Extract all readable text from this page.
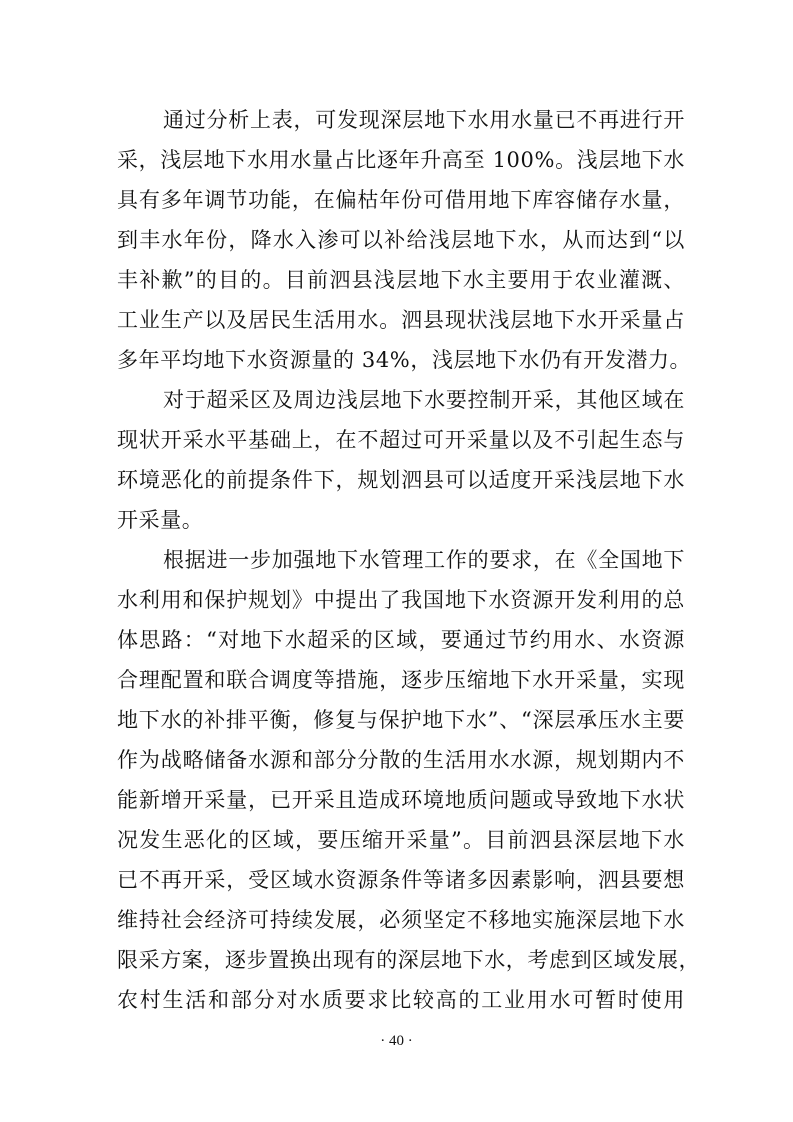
通过分析上表，可发现深层地下水用水量已不再进行开
采，浅层地下水用水量占比逐年升高至 100%。浅层地下水
具有多年调节功能，在偏枯年份可借用地下库容储存水量，
到丰水年份，降水入渗可以补给浅层地下水，从而达到“以
丰补歉”的目的。目前泗县浅层地下水主要用于农业灌溉、
工业生产以及居民生活用水。泗县现状浅层地下水开采量占
多年平均地下水资源量的 34%，浅层地下水仍有开发潜力。
对于超采区及周边浅层地下水要控制开采，其他区域在
现状开采水平基础上，在不超过可开采量以及不引起生态与
环境恶化的前提条件下，规划泗县可以适度开采浅层地下水
开采量。
根据进一步加强地下水管理工作的要求，在《全国地下
水利用和保护规划》中提出了我国地下水资源开发利用的总
体思路：“对地下水超采的区域，要通过节约用水、水资源
合理配置和联合调度等措施，逐步压缩地下水开采量，实现
地下水的补排平衡，修复与保护地下水”、“深层承压水主要
作为战略储备水源和部分分散的生活用水水源，规划期内不
能新增开采量，已开采且造成环境地质问题或导致地下水状
况发生恶化的区域，要压缩开采量”。目前泗县深层地下水
已不再开采，受区域水资源条件等诸多因素影响，泗县要想
维持社会经济可持续发展，必须坚定不移地实施深层地下水
限采方案，逐步置换出现有的深层地下水，考虑到区域发展，
农村生活和部分对水质要求比较高的工业用水可暂时使用
· 40 ·
